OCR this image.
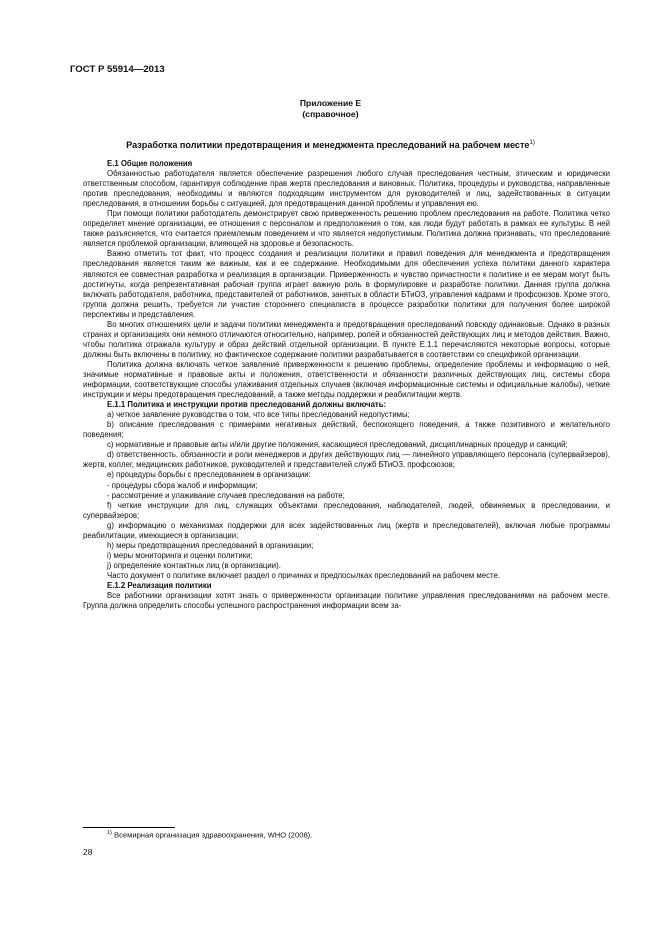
ГОСТ Р 55914—2013
Приложение Е
(справочное)
Разработка политики предотвращения и менеджмента преследований на рабочем месте$^{1)}$

Е.1 Общие положения

Обязанностью работодателя является обеспечение разрешения любого случая преследования честным, этическим и юридически ответственным способом, гарантируя соблюдение прав жертв преследования и виновных. Политика, процедуры и руководства, направленные против преследования, необходимы и являются подходящим инструментом для руководителей и лиц, задействованных в ситуации преследования, в отношении борьбы с ситуацией, для предотвращения данной проблемы и управления ею.

При помощи политики работодатель демонстрирует свою приверженность решению проблем преследования на работе. Политика четко определяет мнение организации, ее отношения с персоналом и предположения о том, как люди будут работать в рамках ее культуры. В ней также разъясняется, что считается приемлемым поведением и что является недопустимым. Политика должна признавать, что преследование является проблемой организации, влияющей на здоровье и безопасность.

Важно отметить тот факт, что процесс создания и реализации политики и правил поведения для менеджмента и предотвращения преследования является таким же важным, как и ее содержание. Необходимыми для обеспечения успеха политики данного характера являются ее совместная разработка и реализация в организации. Приверженность и чувство причастности к политике и ее мерам могут быть достигнуты, когда репрезентативная рабочая группа играет важную роль в формулировке и разработке политики. Данная группа должна включать работодателя, работника, представителей от работников, занятых в области БТиОЗ, управления кадрами и профсоюзов. Кроме этого, группа должна решить, требуется ли участие стороннего специалиста в процессе разработки политики для получения более широкой перспективы и представления.

Во многих отношениях цели и задачи политики менеджмента и предотвращения преследований повсюду одинаковые. Однако в разных странах и организациях они немного отличаются относительно, например, ролей и обязанностей действующих лиц и методов действия. Важно, чтобы политика отражала культуру и образ действий отдельной организации. В пункте Е.1.1 перечисляются некоторые вопросы, которые должны быть включены в политику, но фактическое содержание политики разрабатывается в соответствии со спецификой организации.

Политика должна включать четкое заявление приверженности к решению проблемы, определение проблемы и информацию о ней, значимые нормативные и правовые акты и положения, ответственности и обязанности различных действующих лиц, системы сбора информации, соответствующие способы улаживания отдельных случаев (включая информационные системы и официальные жалобы), четкие инструкции и меры предотвращения преследований, а также методы поддержки и реабилитации жертв.

Е.1.1 Политика и инструкции против преследований должны включать:

а) четкое заявление руководства о том, что все типы преследований недопустимы;

b) описание преследования с примерами негативных действий, беспокоящего поведения, а также позитивного и желательного поведения;

с) нормативные и правовые акты и/или другие положения, касающиеся преследований, дисциплинарных процедур и санкций;

d) ответственность, обязанности и роли менеджеров и других действующих лиц — линейного управляющего персонала (супервайзеров), жертв, коллег, медицинских работников, руководителей и представителей служб БТиОЗ, профсоюзов;

е) процедуры борьбы с преследованием в организации:

- процедуры сбора жалоб и информации;

- рассмотрение и улаживание случаев преследования на работе;

f) четкие инструкции для лиц, служащих объектами преследования, наблюдателей, людей, обвиняемых в преследовании, и супервайзеров;

g) информацию о механизмах поддержки для всех задействованных лиц (жертв и преследователей), включая любые программы реабилитации, имеющиеся в организации;

h) меры предотвращения преследований в организации;

i) меры мониторинга и оценки политики;

j) определение контактных лиц (в организации).

Часто документ о политике включает раздел о причинах и предпосылках преследований на рабочем месте.

Е.1.2 Реализация политики

Все работники организации хотят знать о приверженности организации политике управления преследованиями на рабочем месте. Группа должна определить способы успешного распространения информации всем за-

$^{1)}$ Всемирная организация здравоохранения, WHO (2008).
28
